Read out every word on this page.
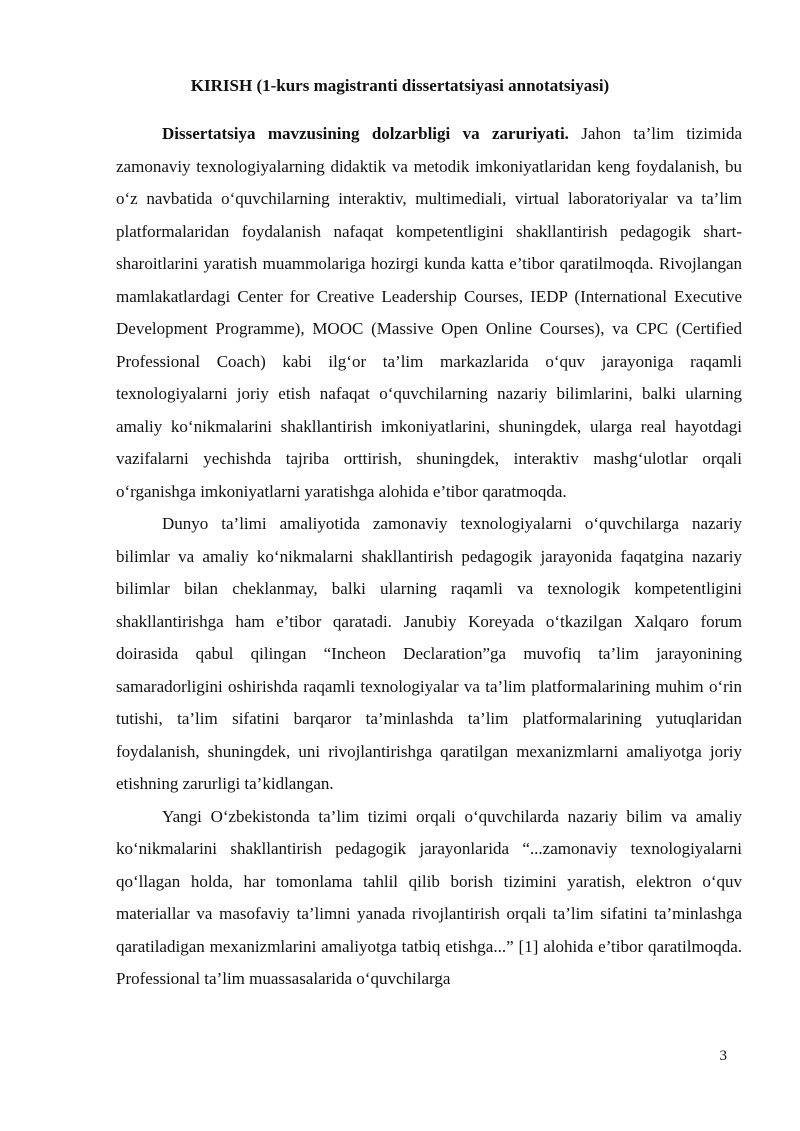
KIRISH (1-kurs magistranti dissertatsiyasi annotatsiyasi)

Dissertatsiya mavzusining dolzarbligi va zaruriyati. Jahon ta’lim tizimida zamonaviy texnologiyalarning didaktik va metodik imkoniyatlaridan keng foydalanish, bu o‘z navbatida o‘quvchilarning interaktiv, multimediali, virtual laboratoriyalar va ta’lim platformalaridan foydalanish nafaqat kompetentligini shakllantirish pedagogik shart-sharoitlarini yaratish muammolariga hozirgi kunda katta e’tibor qaratilmoqda. Rivojlangan mamlakatlardagi Center for Creative Leadership Courses, IEDP (International Executive Development Programme), MOOC (Massive Open Online Courses), va CPC (Certified Professional Coach) kabi ilg‘or ta’lim markazlarida o‘quv jarayoniga raqamli texnologiyalarni joriy etish nafaqat o‘quvchilarning nazariy bilimlarini, balki ularning amaliy ko‘nikmalarini shakllantirish imkoniyatlarini, shuningdek, ularga real hayotdagi vazifalarni yechishda tajriba orttirish, shuningdek, interaktiv mashg‘ulotlar orqali o‘rganishga imkoniyatlarni yaratishga alohida e’tibor qaratmoqda.

Dunyo ta’limi amaliyotida zamonaviy texnologiyalarni o‘quvchilarga nazariy bilimlar va amaliy ko‘nikmalarni shakllantirish pedagogik jarayonida faqatgina nazariy bilimlar bilan cheklanmay, balki ularning raqamli va texnologik kompetentligini shakllantirishga ham e’tibor qaratadi. Janubiy Koreyada o‘tkazilgan Xalqaro forum doirasida qabul qilingan “Incheon Declaration”ga muvofiq ta’lim jarayonining samaradorligini oshirishda raqamli texnologiyalar va ta’lim platformalarining muhim o‘rin tutishi, ta’lim sifatini barqaror ta’minlashda ta’lim platformalarining yutuqlaridan foydalanish, shuningdek, uni rivojlantirishga qaratilgan mexanizmlarni amaliyotga joriy etishning zarurligi ta’kidlangan.

Yangi O‘zbekistonda ta’lim tizimi orqali o‘quvchilarda nazariy bilim va amaliy ko‘nikmalarini shakllantirish pedagogik jarayonlarida “...zamonaviy texnologiyalarni qo‘llagan holda, har tomonlama tahlil qilib borish tizimini yaratish, elektron o‘quv materiallar va masofaviy ta’limni yanada rivojlantirish orqali ta’lim sifatini ta’minlashga qaratiladigan mexanizmlarini amaliyotga tatbiq etishga...” [1] alohida e’tibor qaratilmoqda. Professional ta’lim muassasalarida o‘quvchilarga

3
